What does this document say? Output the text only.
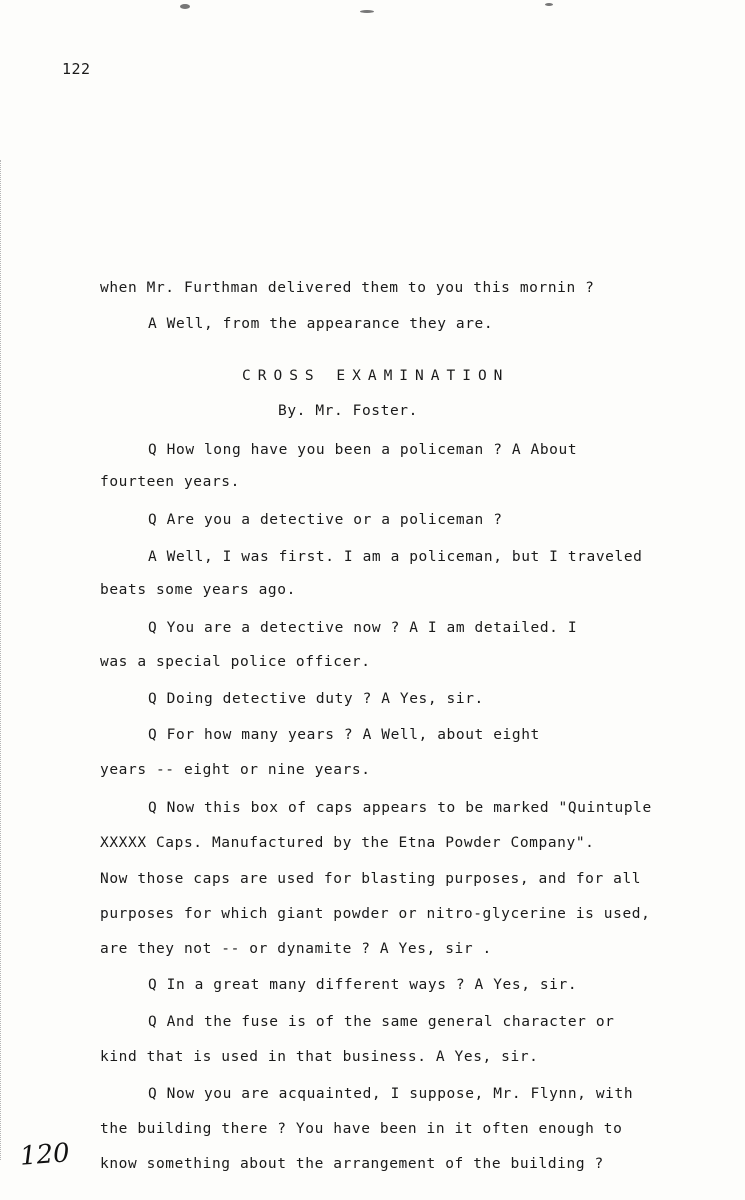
122
when Mr. Furthman delivered them to you this mornin ?
A Well, from the appearance they are.
CROSS EXAMINATION
By. Mr. Foster.
Q How long have you been a policeman ? A About
fourteen years.
Q Are you a detective or a policeman ?
A Well, I was first. I am a policeman, but I traveled
beats some years ago.
Q You are a detective now ? A I am detailed. I
was a special police officer.
Q Doing detective duty ? A Yes, sir.
Q For how many years ? A Well, about eight
years -- eight or nine years.
Q Now this box of caps appears to be marked "Quintuple
XXXXX Caps. Manufactured by the Etna Powder Company".
Now those caps are used for blasting purposes, and for all
purposes for which giant powder or nitro-glycerine is used,
are they not -- or dynamite ? A Yes, sir .
Q In a great many different ways ? A Yes, sir.
Q And the fuse is of the same general character or
kind that is used in that business. A Yes, sir.
Q Now you are acquainted, I suppose, Mr. Flynn, with
the building there ? You have been in it often enough to
know something about the arrangement of the building ?
120
